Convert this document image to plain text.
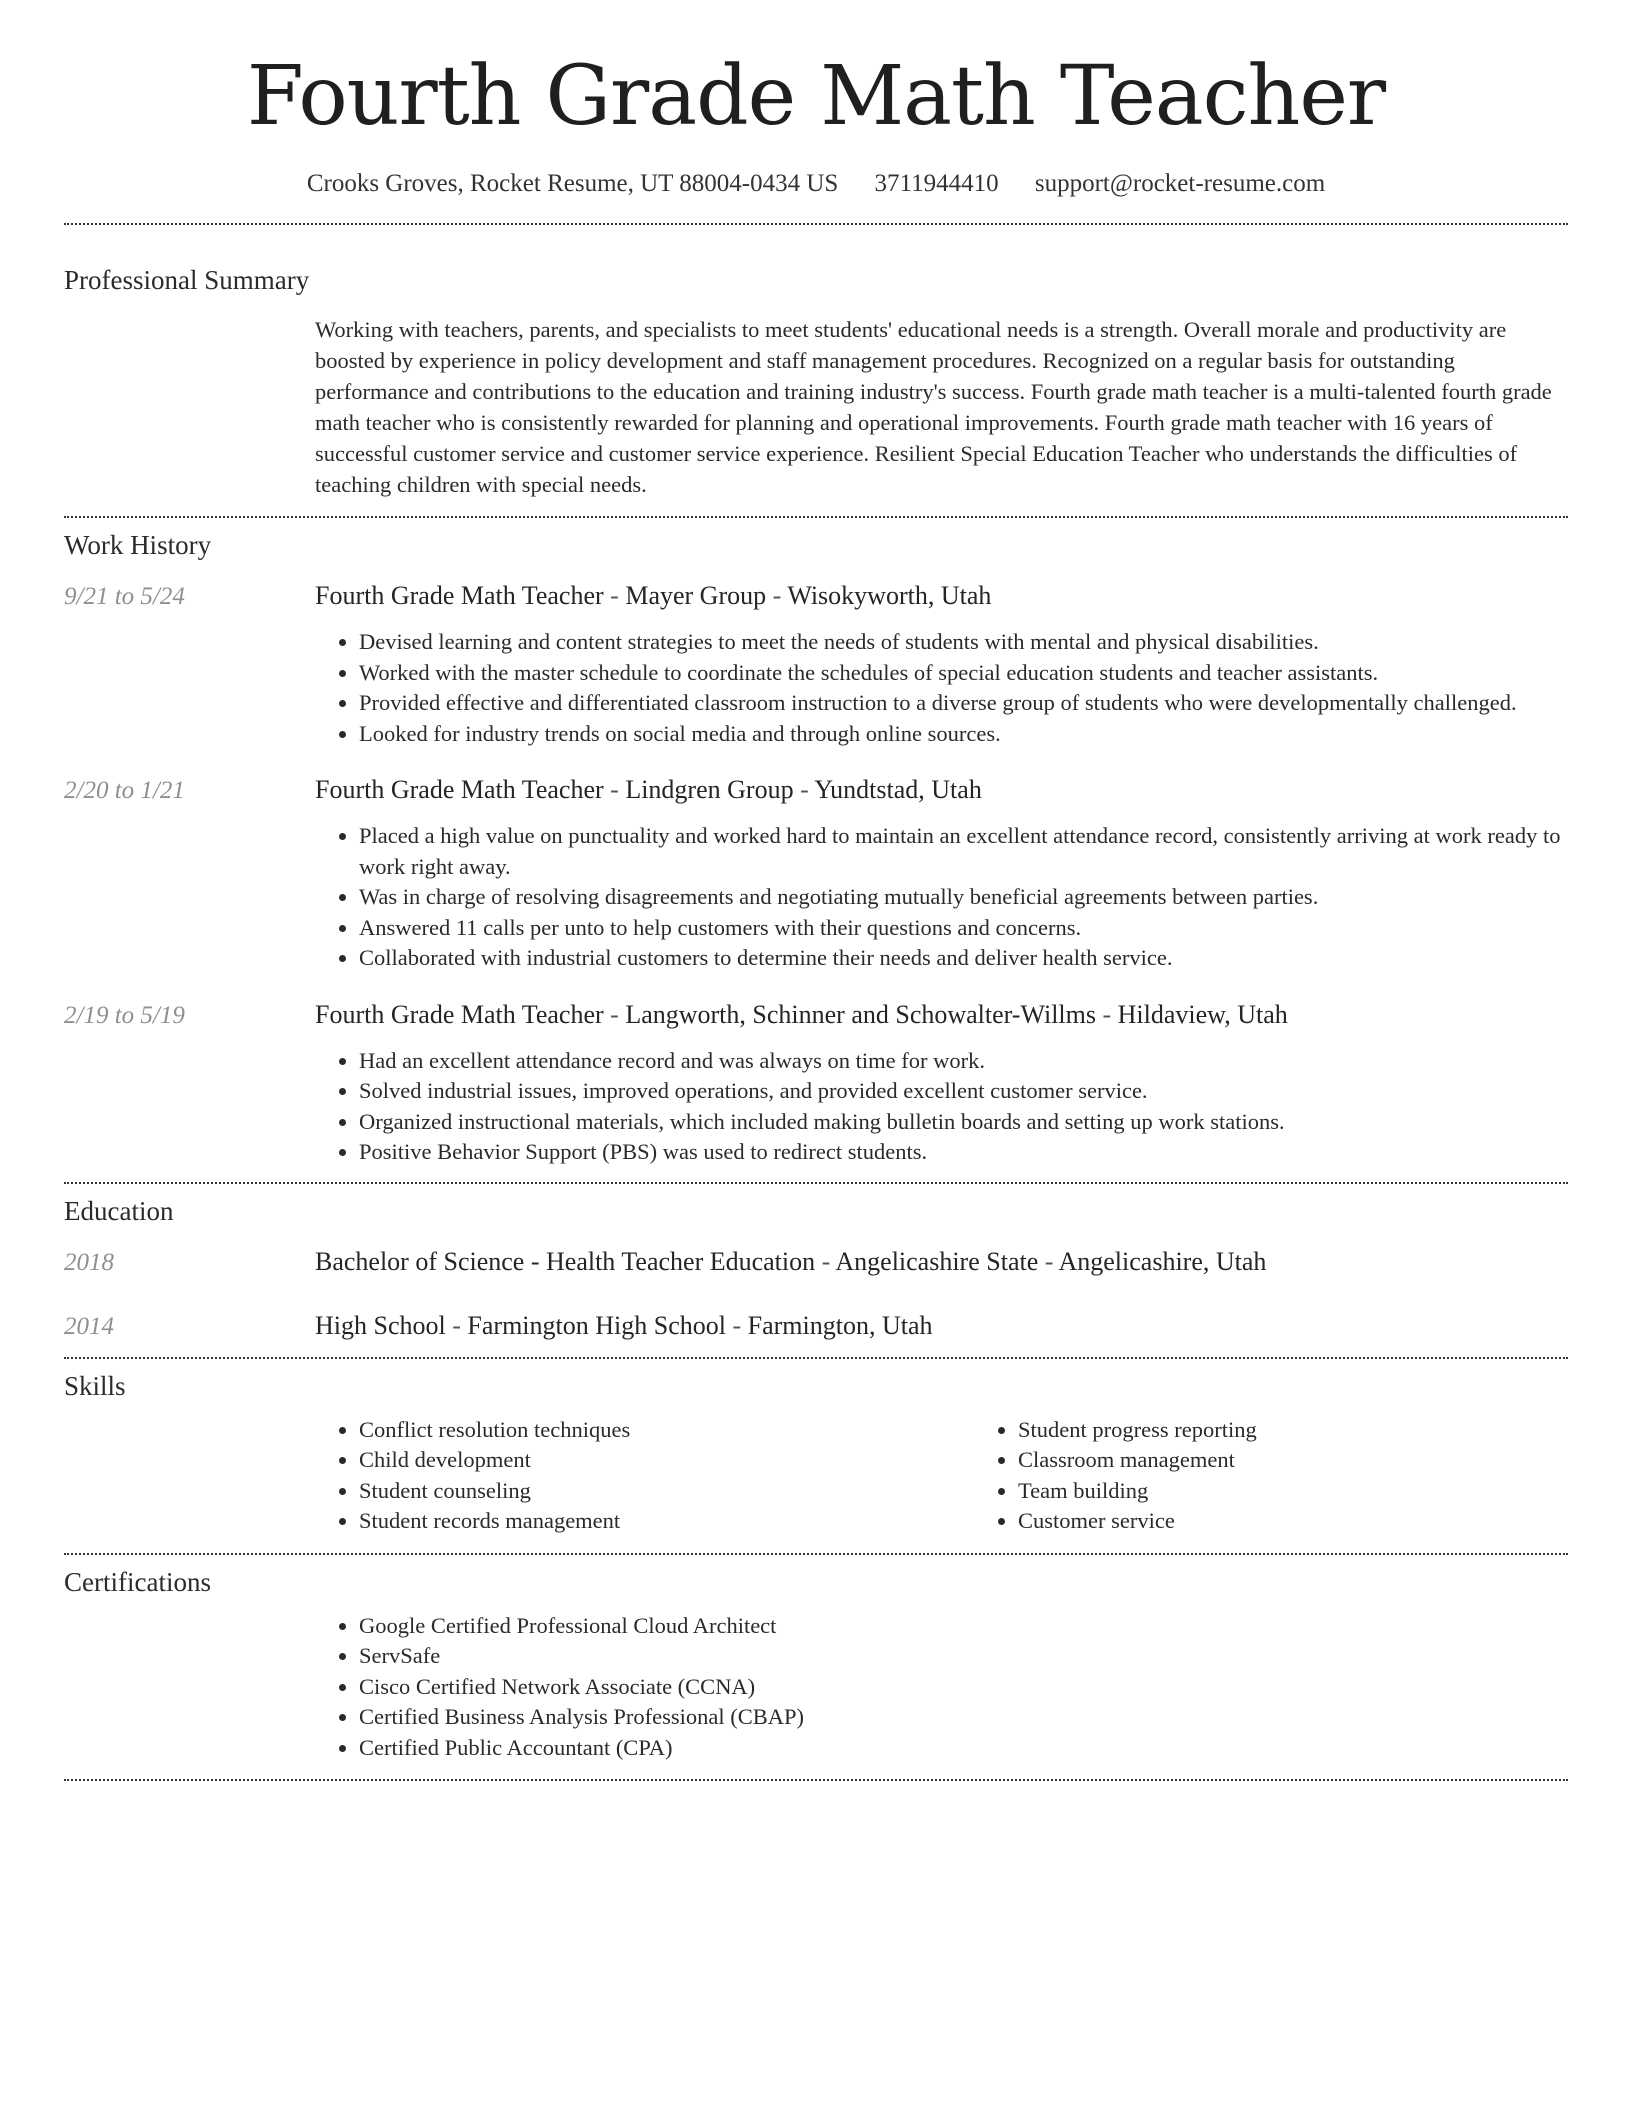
Fourth Grade Math Teacher
Crooks Groves, Rocket Resume, UT 88004-0434 US 3711944410 support@rocket-resume.com
Professional Summary
Working with teachers, parents, and specialists to meet students' educational needs is a strength. Overall morale and productivity are boosted by experience in policy development and staff management procedures. Recognized on a regular basis for outstanding performance and contributions to the education and training industry's success. Fourth grade math teacher is a multi-talented fourth grade math teacher who is consistently rewarded for planning and operational improvements. Fourth grade math teacher with 16 years of successful customer service and customer service experience. Resilient Special Education Teacher who understands the difficulties of teaching children with special needs.
Work History
9/21 to 5/24	Fourth Grade Math Teacher - Mayer Group - Wisokyworth, Utah
• Devised learning and content strategies to meet the needs of students with mental and physical disabilities.
• Worked with the master schedule to coordinate the schedules of special education students and teacher assistants.
• Provided effective and differentiated classroom instruction to a diverse group of students who were developmentally challenged.
• Looked for industry trends on social media and through online sources.
2/20 to 1/21	Fourth Grade Math Teacher - Lindgren Group - Yundtstad, Utah
• Placed a high value on punctuality and worked hard to maintain an excellent attendance record, consistently arriving at work ready to work right away.
• Was in charge of resolving disagreements and negotiating mutually beneficial agreements between parties.
• Answered 11 calls per unto to help customers with their questions and concerns.
• Collaborated with industrial customers to determine their needs and deliver health service.
2/19 to 5/19	Fourth Grade Math Teacher - Langworth, Schinner and Schowalter-Willms - Hildaview, Utah
• Had an excellent attendance record and was always on time for work.
• Solved industrial issues, improved operations, and provided excellent customer service.
• Organized instructional materials, which included making bulletin boards and setting up work stations.
• Positive Behavior Support (PBS) was used to redirect students.
Education
2018	Bachelor of Science - Health Teacher Education - Angelicashire State - Angelicashire, Utah
2014	High School - Farmington High School - Farmington, Utah
Skills
• Conflict resolution techniques
• Child development
• Student counseling
• Student records management
• Student progress reporting
• Classroom management
• Team building
• Customer service
Certifications
• Google Certified Professional Cloud Architect
• ServSafe
• Cisco Certified Network Associate (CCNA)
• Certified Business Analysis Professional (CBAP)
• Certified Public Accountant (CPA)
